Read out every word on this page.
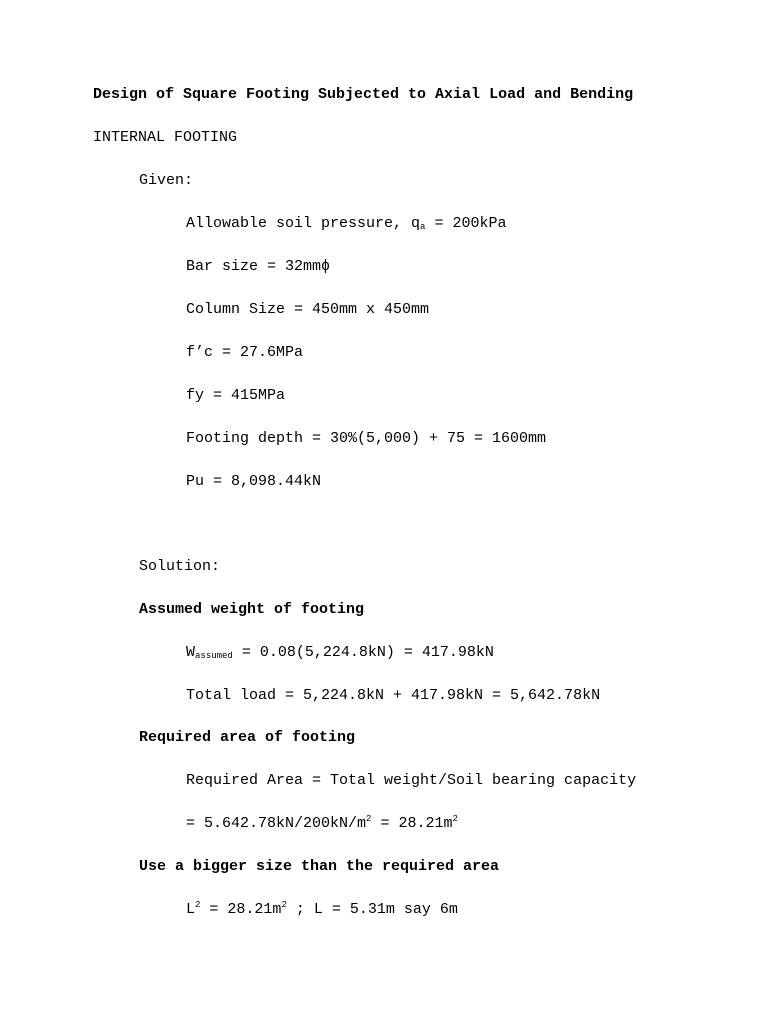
Design of Square Footing Subjected to Axial Load and Bending
INTERNAL FOOTING
Given:
Allowable soil pressure, $q_a = 200kPa$
Bar size = 32mmϕ
Column Size = 450mm x 450mm
f’c = 27.6MPa
fy = 415MPa
Footing depth = 30%(5,000) + 75 = 1600mm
Pu = 8,098.44kN
Solution:
Assumed weight of footing
$W_{assumed} = 0.08(5,224.8kN) = 417.98kN$
Total load = 5,224.8kN + 417.98kN = 5,642.78kN
Required area of footing
Required Area = Total weight/Soil bearing capacity
= $5.642.78kN/200kN/m^2 = 28.21m^2$
Use a bigger size than the required area
$L^2 = 28.21m^2$ ; L = 5.31m say 6m
